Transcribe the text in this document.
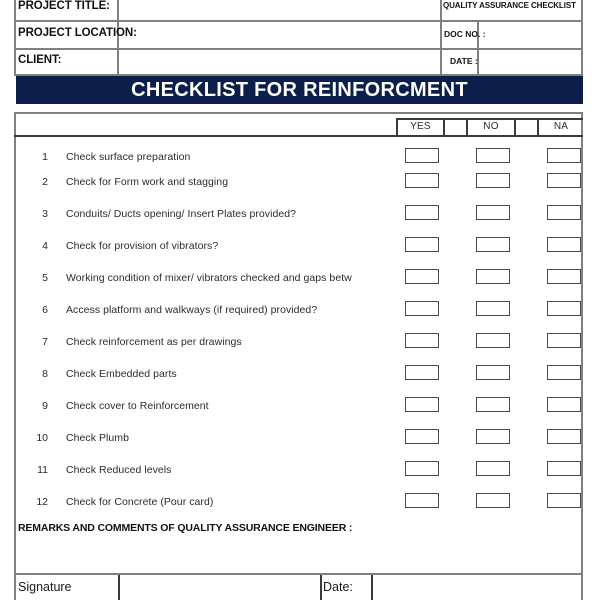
PROJECT TITLE:
PROJECT LOCATION:
CLIENT:
QUALITY ASSURANCE CHECKLIST
DOC NO. :
DATE :
CHECKLIST FOR REINFORCMENT
YES	NO	NA
1 Check surface preparation
2 Check for Form work and stagging
3 Conduits/ Ducts opening/ Insert Plates provided?
4 Check for provision of vibrators?
5 Working condition of mixer/ vibrators checked and gaps betw
6 Access platform and walkways (if required) provided?
7 Check reinforcement as per drawings
8 Check Embedded parts
9 Check cover to Reinforcement
10 Check Plumb
11 Check Reduced levels
12 Check for Concrete (Pour card)
REMARKS AND COMMENTS OF QUALITY ASSURANCE ENGINEER :
Signature	Date:
